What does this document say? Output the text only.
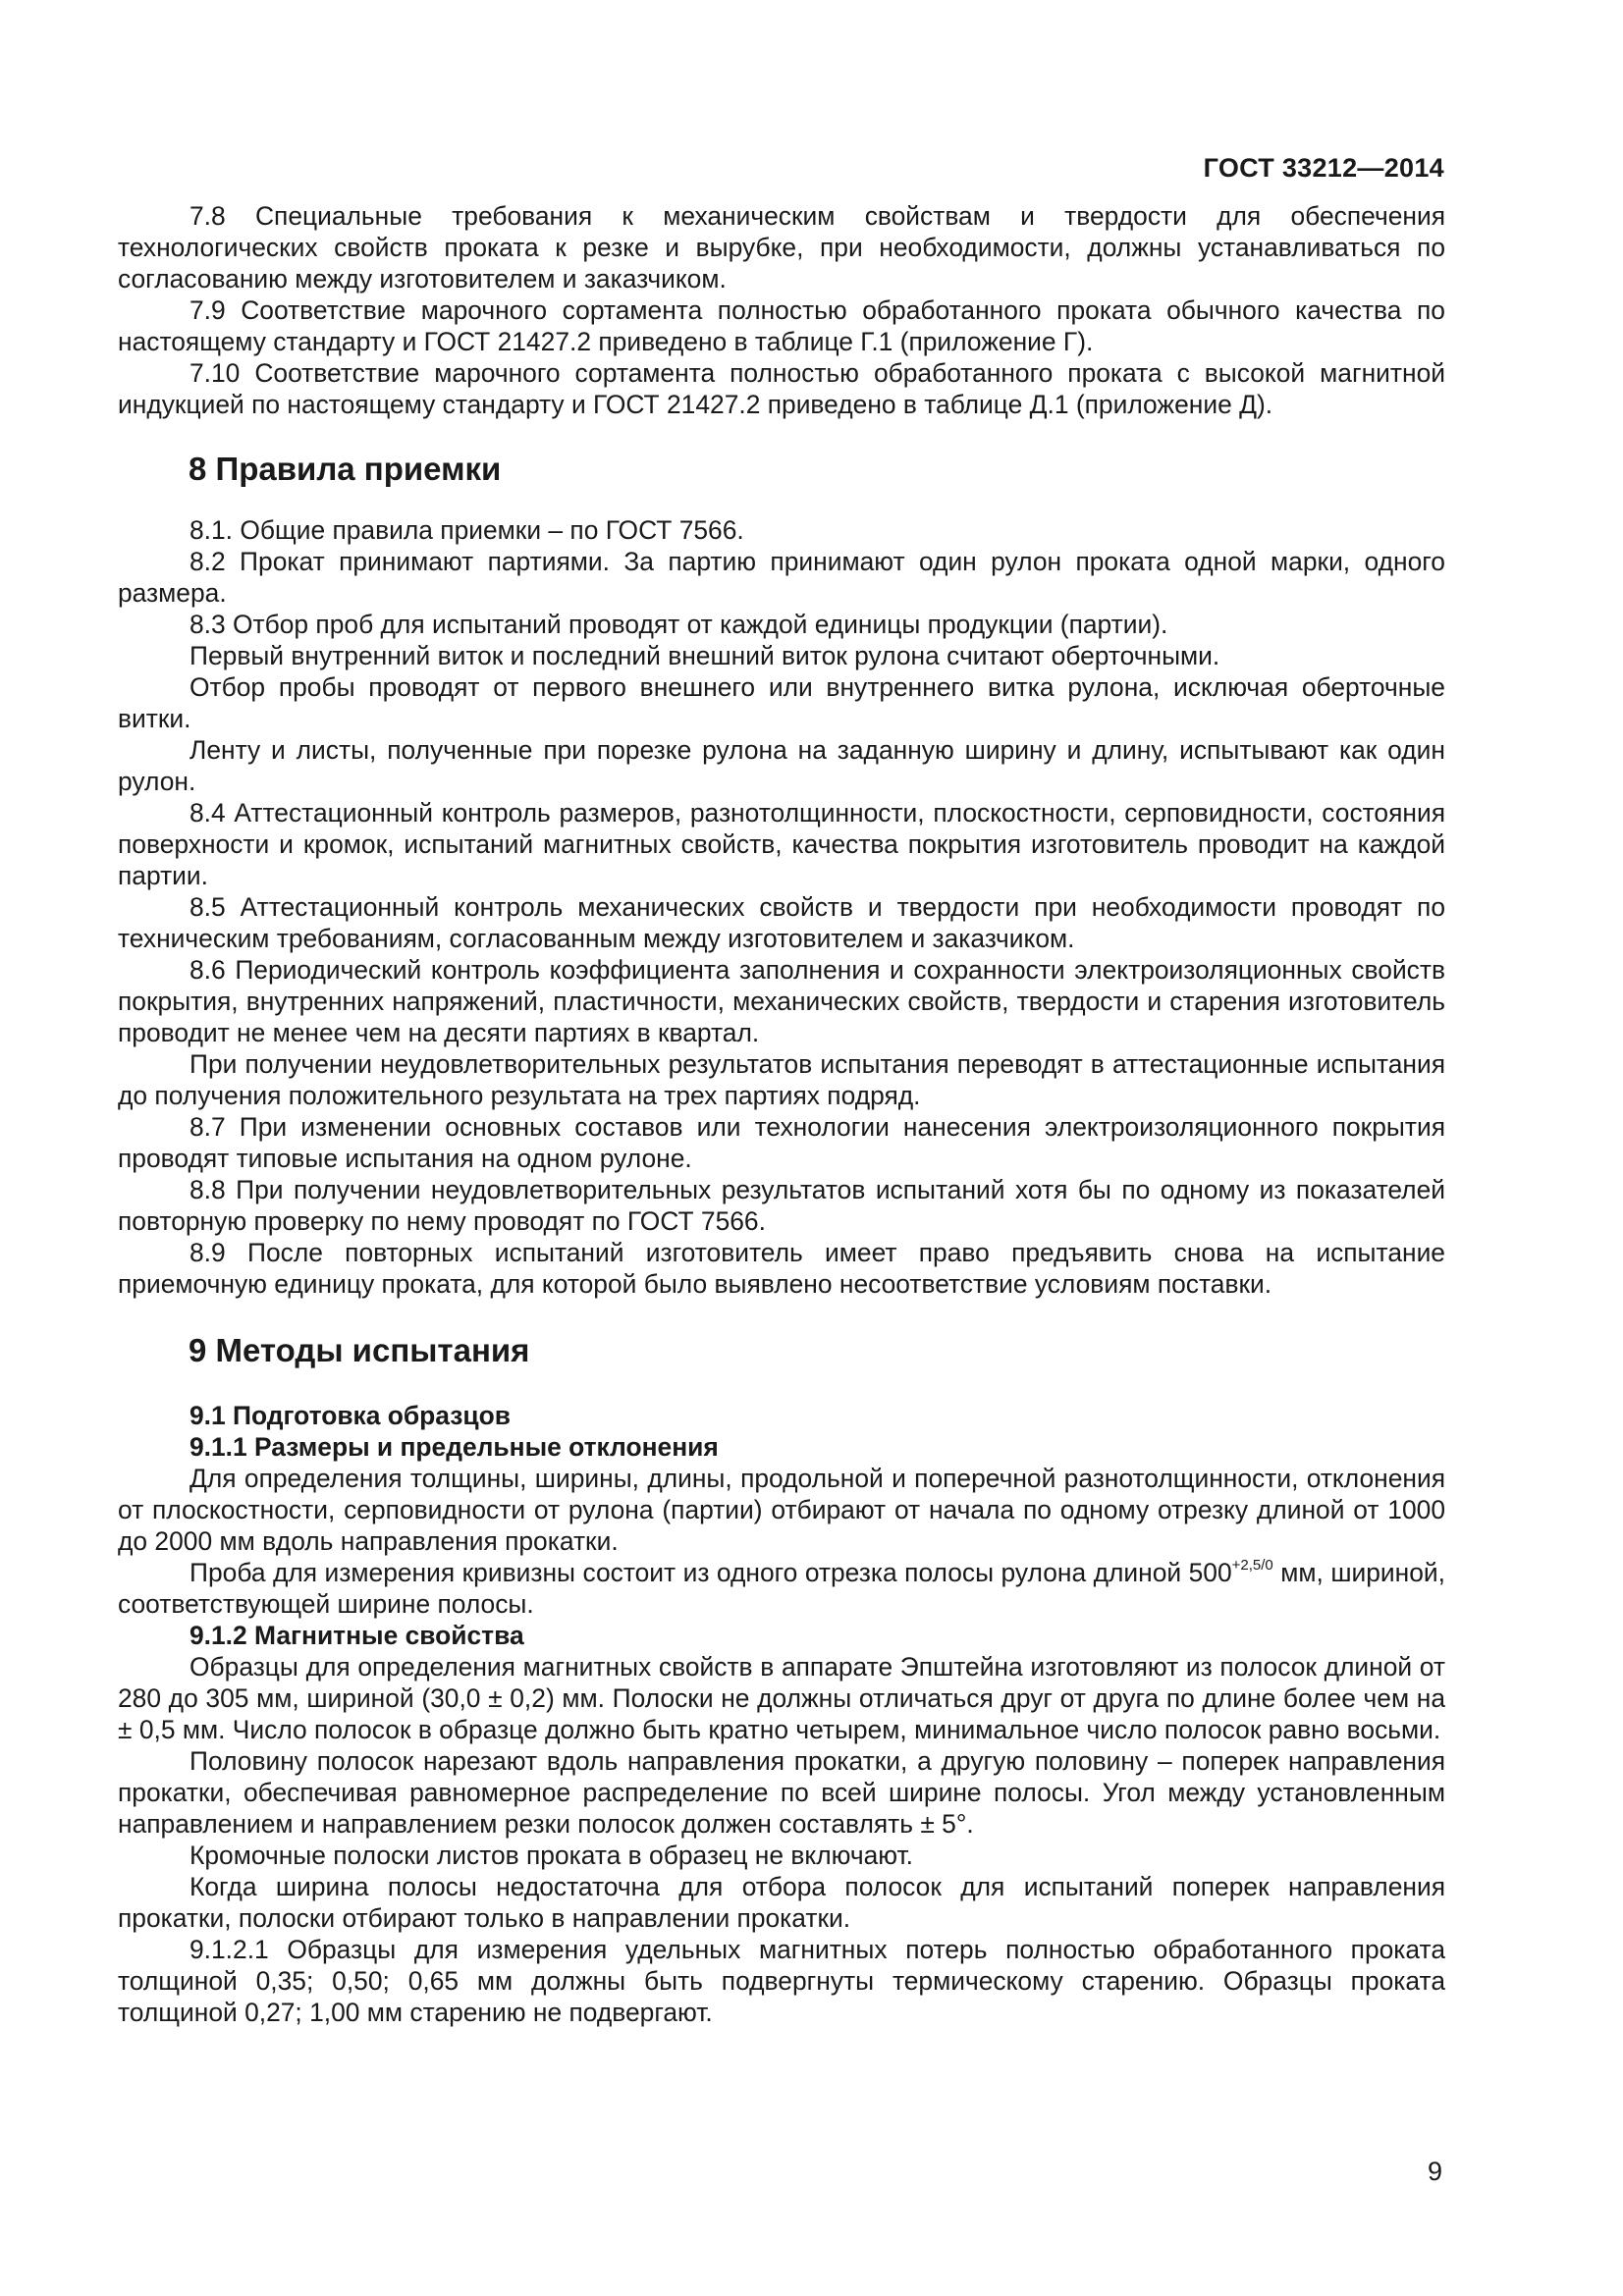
ГОСТ 33212—2014

7.8 Специальные требования к механическим свойствам и твердости для обеспечения технологических свойств проката к резке и вырубке, при необходимости, должны устанавливаться по согласованию между изготовителем и заказчиком.

7.9 Соответствие марочного сортамента полностью обработанного проката обычного качества по настоящему стандарту и ГОСТ 21427.2 приведено в таблице Г.1 (приложение Г).

7.10 Соответствие марочного сортамента полностью обработанного проката с высокой магнитной индукцией по настоящему стандарту и ГОСТ 21427.2 приведено в таблице Д.1 (приложение Д).

8 Правила приемки

8.1. Общие правила приемки – по ГОСТ 7566.

8.2 Прокат принимают партиями. За партию принимают один рулон проката одной марки, одного размера.

8.3 Отбор проб для испытаний проводят от каждой единицы продукции (партии).

Первый внутренний виток и последний внешний виток рулона считают оберточными.

Отбор пробы проводят от первого внешнего или внутреннего витка рулона, исключая оберточные витки.

Ленту и листы, полученные при порезке рулона на заданную ширину и длину, испытывают как один рулон.

8.4 Аттестационный контроль размеров, разнотолщинности, плоскостности, серповидности, состояния поверхности и кромок, испытаний магнитных свойств, качества покрытия изготовитель проводит на каждой партии.

8.5 Аттестационный контроль механических свойств и твердости при необходимости проводят по техническим требованиям, согласованным между изготовителем и заказчиком.

8.6 Периодический контроль коэффициента заполнения и сохранности электроизоляционных свойств покрытия, внутренних напряжений, пластичности, механических свойств, твердости и старения изготовитель проводит не менее чем на десяти партиях в квартал.

При получении неудовлетворительных результатов испытания переводят в аттестационные испытания до получения положительного результата на трех партиях подряд.

8.7 При изменении основных составов или технологии нанесения электроизоляционного покрытия проводят типовые испытания на одном рулоне.

8.8 При получении неудовлетворительных результатов испытаний хотя бы по одному из показателей повторную проверку по нему проводят по ГОСТ 7566.

8.9 После повторных испытаний изготовитель имеет право предъявить снова на испытание приемочную единицу проката, для которой было выявлено несоответствие условиям поставки.

9 Методы испытания

9.1 Подготовка образцов

9.1.1 Размеры и предельные отклонения

Для определения толщины, ширины, длины, продольной и поперечной разнотолщинности, отклонения от плоскостности, серповидности от рулона (партии) отбирают от начала по одному отрезку длиной от 1000 до 2000 мм вдоль направления прокатки.

Проба для измерения кривизны состоит из одного отрезка полосы рулона длиной $500^{+2,5/0}$ мм, шириной, соответствующей ширине полосы.

9.1.2 Магнитные свойства

Образцы для определения магнитных свойств в аппарате Эпштейна изготовляют из полосок длиной от 280 до 305 мм, шириной (30,0 ± 0,2) мм. Полоски не должны отличаться друг от друга по длине более чем на ± 0,5 мм. Число полосок в образце должно быть кратно четырем, минимальное число полосок равно восьми.

Половину полосок нарезают вдоль направления прокатки, а другую половину – поперек направления прокатки, обеспечивая равномерное распределение по всей ширине полосы. Угол между установленным направлением и направлением резки полосок должен составлять ± 5°.

Кромочные полоски листов проката в образец не включают.

Когда ширина полосы недостаточна для отбора полосок для испытаний поперек направления прокатки, полоски отбирают только в направлении прокатки.

9.1.2.1 Образцы для измерения удельных магнитных потерь полностью обработанного проката толщиной 0,35; 0,50; 0,65 мм должны быть подвергнуты термическому старению. Образцы проката толщиной 0,27; 1,00 мм старению не подвергают.

9
